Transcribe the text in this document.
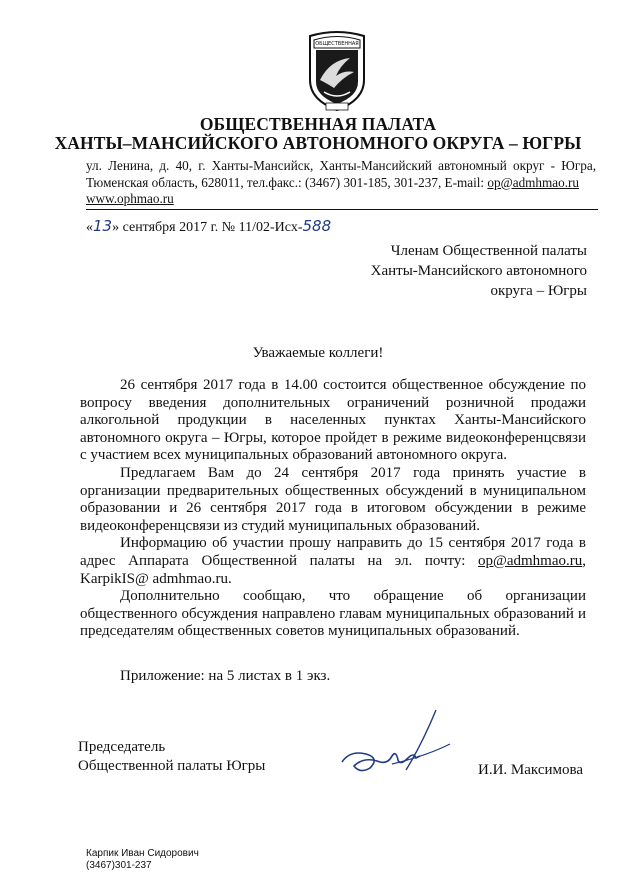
ОБЩЕСТВЕННАЯ
ОБЩЕСТВЕННАЯ ПАЛАТА
ХАНТЫ–МАНСИЙСКОГО АВТОНОМНОГО ОКРУГА – ЮГРЫ
ул. Ленина, д. 40, г. Ханты-Мансийск, Ханты-Мансийский автономный округ - Югра, Тюменская область, 628011, тел.факс.: (3467) 301-185, 301-237, E-mail: op@admhmao.ru
www.ophmao.ru
«13» сентября 2017 г. № 11/02-Исх-588
Членам Общественной палаты
Ханты-Мансийского автономного
округа – Югры
Уважаемые коллеги!

26 сентября 2017 года в 14.00 состоится общественное обсуждение по вопросу введения дополнительных ограничений розничной продажи алкогольной продукции в населенных пунктах Ханты-Мансийского автономного округа – Югры, которое пройдет в режиме видеоконференцсвязи с участием всех муниципальных образований автономного округа.

Предлагаем Вам до 24 сентября 2017 года принять участие в организации предварительных общественных обсуждений в муниципальном образовании и 26 сентября 2017 года в итоговом обсуждении в режиме видеоконференцсвязи из студий муниципальных образований.

Информацию об участии прошу направить до 15 сентября 2017 года в адрес Аппарата Общественной палаты на эл. почту: op@admhmao.ru, KarpikIS@ admhmao.ru.

Дополнительно сообщаю, что обращение об организации общественного обсуждения направлено главам муниципальных образований и председателям общественных советов муниципальных образований.

Приложение: на 5 листах в 1 экз.
Председатель
Общественной палаты Югры	И.И. Максимова
Карпик Иван Сидорович
(3467)301-237
